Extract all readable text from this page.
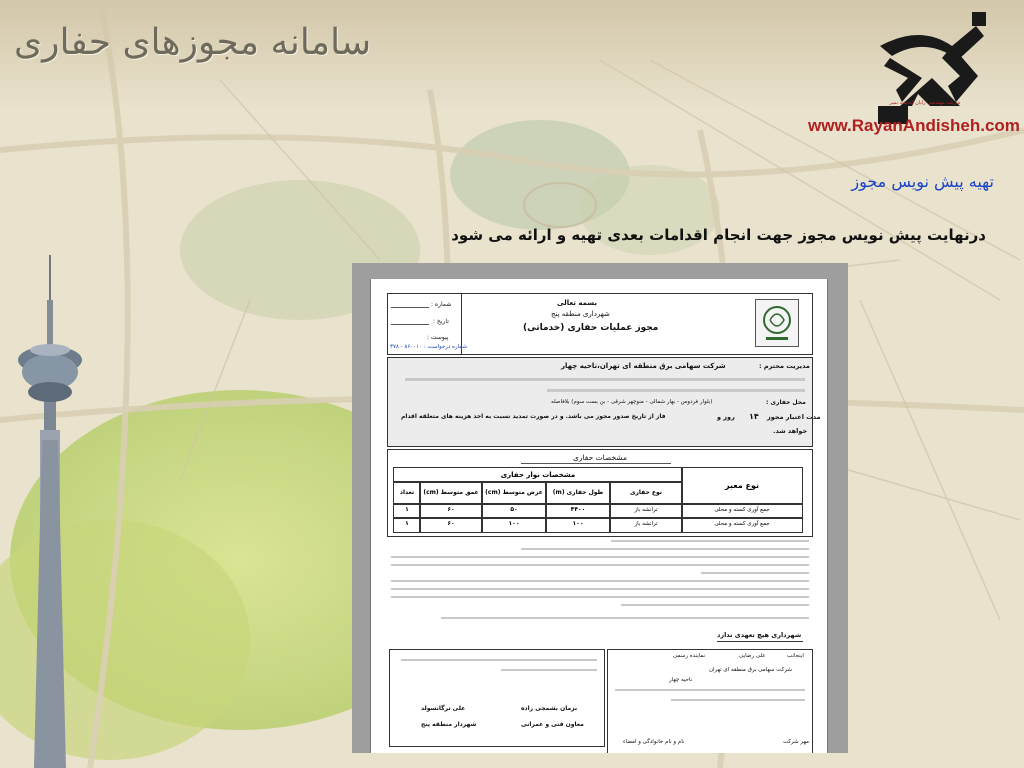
سامانه مجوزهای حفاری
شرکت مهندسی رایان اندیشه نمیر
www.RayanAndisheh.com
تهیه پیش نویس مجوز
درنهایت پیش نویس مجوز جهت انجام اقدامات بعدی تهیه و ارائه می شود
بسمه تعالی
شهرداری منطقه پنج
مجوز عملیات حفاری (خدماتی)
شماره :
تاریخ :
پیوست :
شماره درخواست : ۸۶۰۰۱۰ - ۳۷۸
مدیریت محترم :
شرکت سهامی برق منطقه ای تهران،ناحیه چهار
محل حفاری :
(بلوار فردوس - بهار شمالی - منوچهر شرقی - بن بست سوم) بلافاصله
مدت اعتبار مجوز
۱۴
روز و
فاز از تاریخ صدور مجوز می باشد. و در صورت تمدید نسبت به اخذ هزینه های متعلقه اقدام
خواهد شد.
مشخصات حفاری
نوع معبر
مشخصات نوار حفاری
نوع حفاری
طول حفاری (m)
عرض متوسط (cm)
عمق متوسط (cm)
تعداد
جمع آوری کسته و محلی
ترانشه باز
۴۴۰۰
۵۰
۶۰
۱
جمع آوری کسته و محلی
ترانشه باز
۱۰۰
۱۰۰
۶۰
۱
شهرداری هیچ تعهدی ندارد
بزمان بشمجی زاده
علی ترگانسولد
معاون فنی و عمرانی
شهردار منطقه پنج
اینجانب
علی رضایی
نماینده رسمی
شرکت سهامی برق منطقه ای تهران
ناحیه چهار
نام و نام خانوادگی و امضاء	مهر شرکت
